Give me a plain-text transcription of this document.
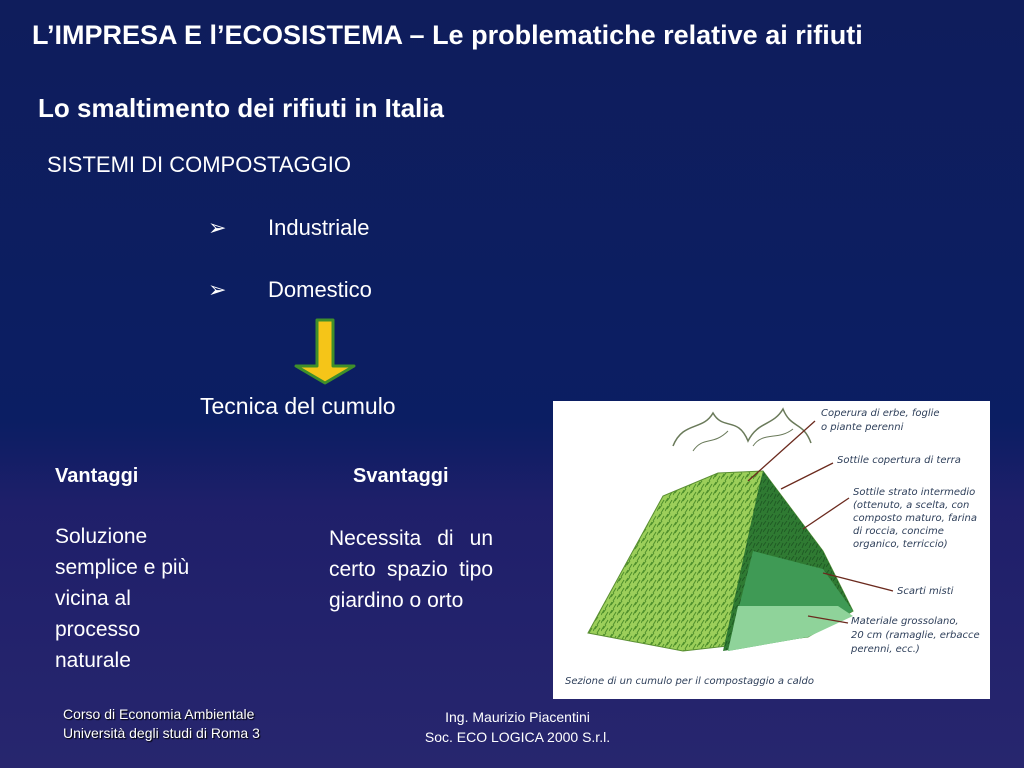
L’IMPRESA E l’ECOSISTEMA – Le problematiche relative ai rifiuti
Lo smaltimento dei rifiuti in Italia
SISTEMI DI COMPOSTAGGIO
➢ Industriale
➢ Domestico
Tecnica del cumulo
Vantaggi
Soluzione
semplice e più
vicina al
processo
naturale
Svantaggi
Necessita di un certo spazio tipo giardino o orto
Coperura di erbe, foglie
o piante perenni
Sottile copertura di terra
Sottile strato intermedio
(ottenuto, a scelta, con
composto maturo, farina
di roccia, concime
organico, terriccio)
Scarti misti
Materiale grossolano,
20 cm (ramaglie, erbacce
perenni, ecc.)
Sezione di un cumulo per il compostaggio a caldo
Corso di Economia Ambientale
Università degli studi di Roma 3
Ing. Maurizio Piacentini
Soc. ECO LOGICA 2000 S.r.l.
